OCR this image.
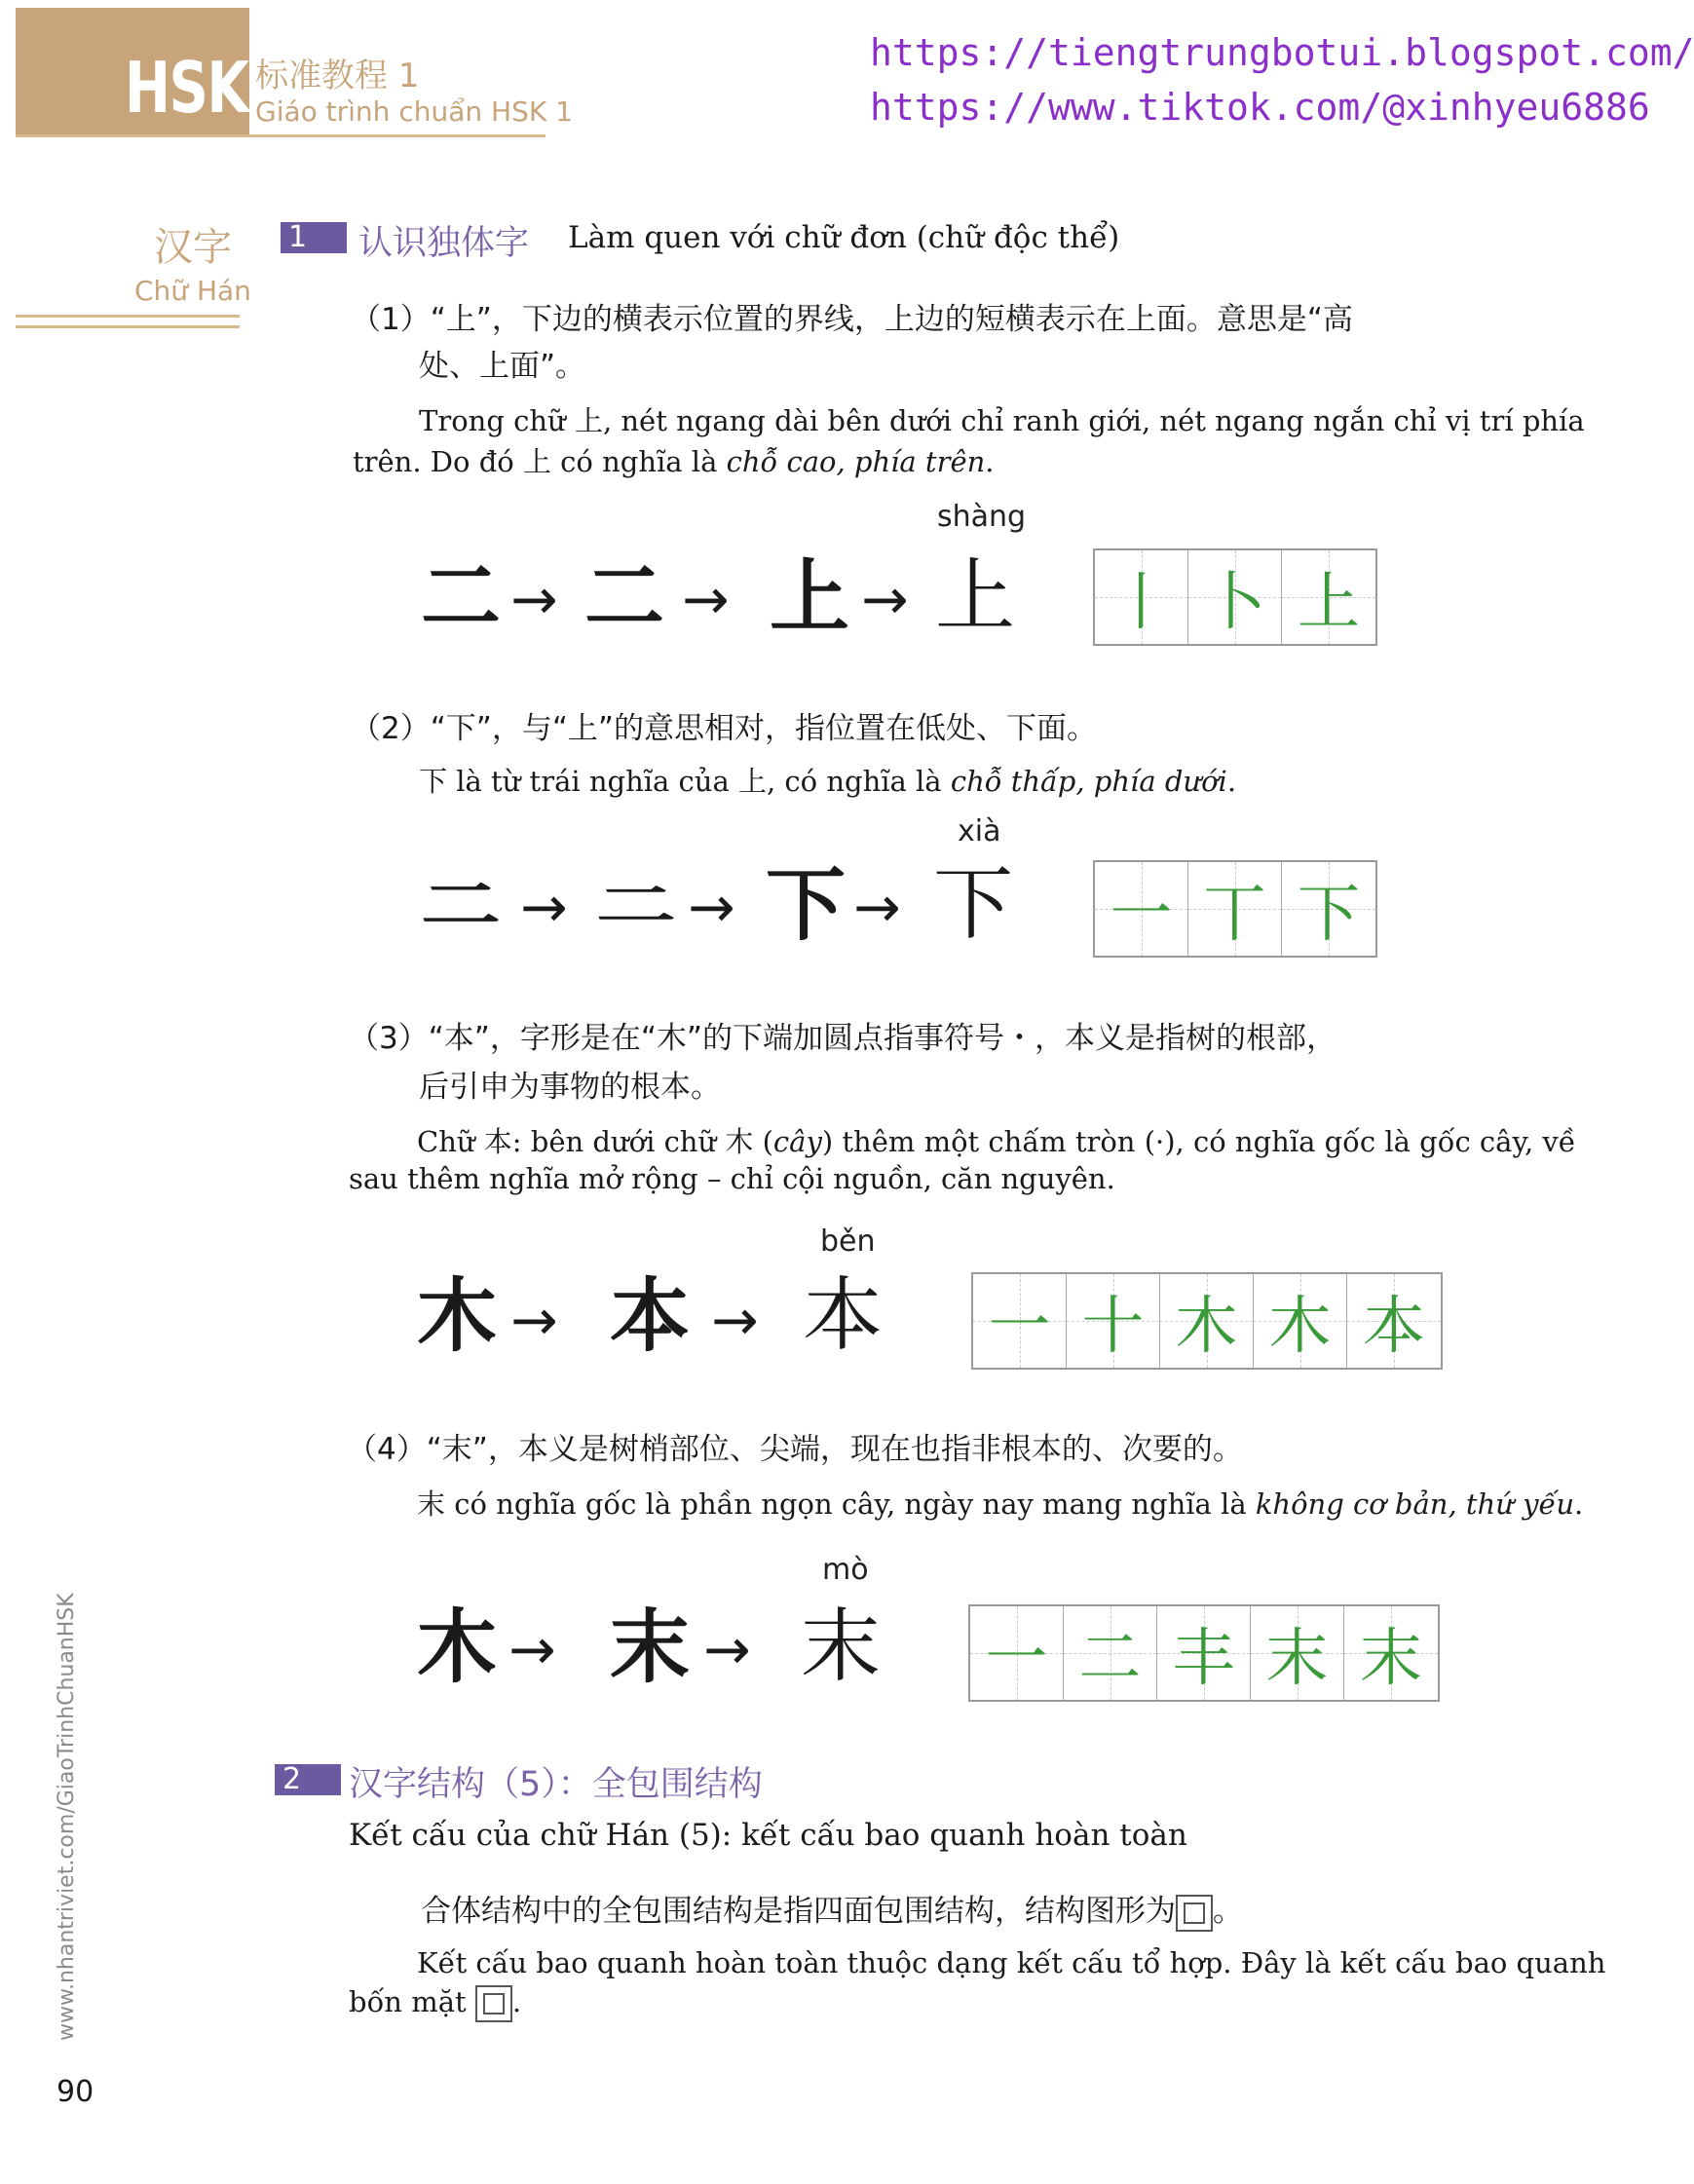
HSK 标准教程 1
Giáo trình chuẩn HSK 1
https://tiengtrungbotui.blogspot.com/
https://www.tiktok.com/@xinhyeu6886
汉字
Chữ Hán
1	认识独体字 Làm quen với chữ đơn (chữ độc thể)
（1）“上”，下边的横表示位置的界线，上边的短横表示在上面。意思是“高
处、上面”。
Trong chữ 上, nét ngang dài bên dưới chỉ ranh giới, nét ngang ngắn chỉ vị trí phía
trên. Do đó 上 có nghĩa là chỗ cao, phía trên.
shàng
二 → 二 → 上 → 上 丨 卜 上
（2）“下”，与“上”的意思相对，指位置在低处、下面。
下 là từ trái nghĩa của 上, có nghĩa là chỗ thấp, phía dưới.
xià
二 → 二 → 下 → 下 一 丅 下
（3）“本”，字形是在“木”的下端加圆点指事符号・，本义是指树的根部，
后引申为事物的根本。
Chữ 本: bên dưới chữ 木 (cây) thêm một chấm tròn (·), có nghĩa gốc là gốc cây, về
sau thêm nghĩa mở rộng – chỉ cội nguồn, căn nguyên.
běn
木 → 本 → 本 一 十 木 木 本
（4）“末”，本义是树梢部位、尖端，现在也指非根本的、次要的。
末 có nghĩa gốc là phần ngọn cây, ngày nay mang nghĩa là không cơ bản, thứ yếu.
mò
木 → 末 → 末 一 二 丰 末 末
2	汉字结构（5）：全包围结构
Kết cấu của chữ Hán (5): kết cấu bao quanh hoàn toàn
合体结构中的全包围结构是指四面包围结构，结构图形为 。
Kết cấu bao quanh hoàn toàn thuộc dạng kết cấu tổ hợp. Đây là kết cấu bao quanh
bốn mặt .
www.nhantriviet.com/GiaoTrinhChuanHSK
90
